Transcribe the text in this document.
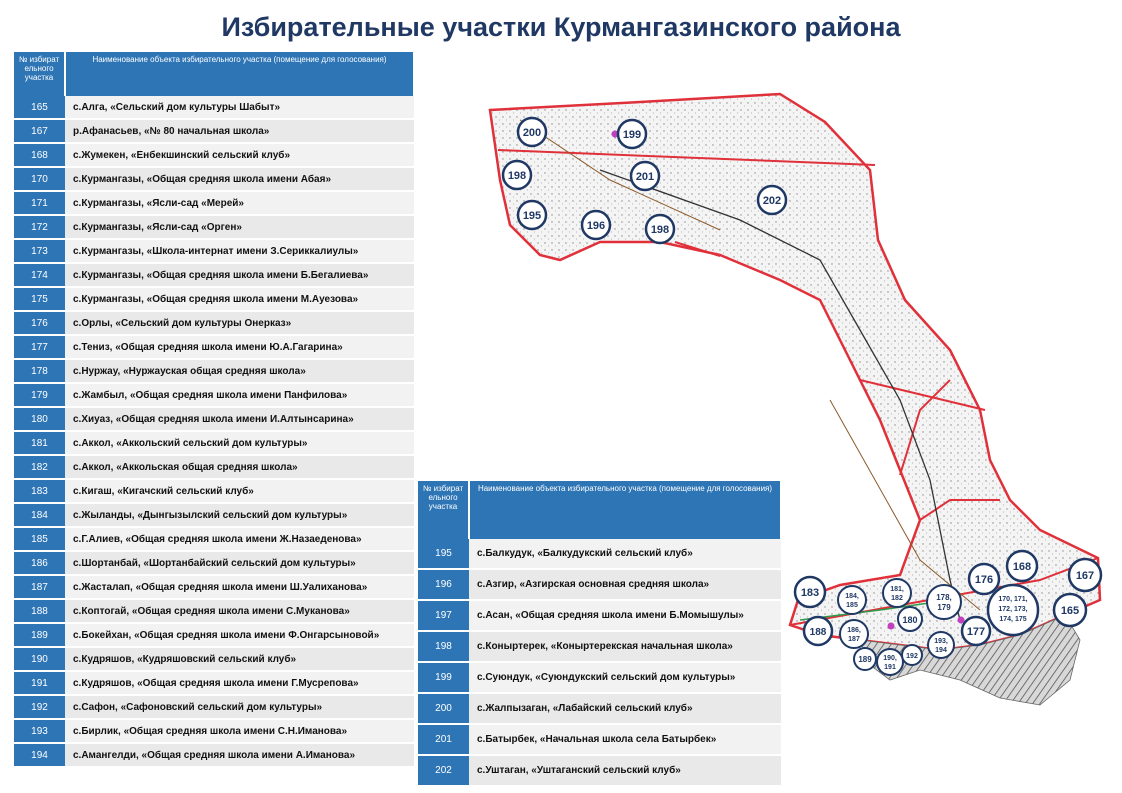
Избирательные участки Курмангазинского района
№ избират ельного участка	Наименование объекта избирательного участка (помещение для голосования)
165	с.Алга, «Сельский дом культуры Шабыт»
167	р.Афанасьев, «№ 80 начальная школа»
168	с.Жумекен, «Енбекшинский сельский клуб»
170	с.Курмангазы, «Общая средняя школа имени Абая»
171	с.Курмангазы, «Ясли-сад «Мерей»
172	с.Курмангазы, «Ясли-сад «Орген»
173	с.Курмангазы, «Школа-интернат имени З.Сериккалиулы»
174	с.Курмангазы, «Общая средняя школа имени Б.Бегалиева»
175	с.Курмангазы, «Общая средняя школа имени М.Ауезова»
176	с.Орлы, «Сельский дом культуры Онерказ»
177	с.Тениз, «Общая средняя школа имени Ю.А.Гагарина»
178	с.Нуржау, «Нуржауская общая средняя школа»
179	с.Жамбыл, «Общая средняя школа имени Панфилова»
180	с.Хиуаз, «Общая средняя школа имени И.Алтынсарина»
181	с.Аккол, «Аккольский сельский дом культуры»
182	с.Аккол, «Аккольская общая средняя школа»
183	с.Кигаш, «Кигачский сельский клуб»
184	с.Жыланды, «Дынгызылский сельский дом культуры»
185	с.Г.Алиев, «Общая средняя школа имени Ж.Назаеденова»
186	с.Шортанбай, «Шортанбайский сельский дом культуры»
187	с.Жасталап, «Общая средняя школа имени Ш.Уалиханова»
188	с.Коптогай, «Общая средняя школа имени С.Муканова»
189	с.Бокейхан, «Общая средняя школа имени Ф.Онгарсыновой»
190	с.Кудряшов, «Кудряшовский сельский клуб»
191	с.Кудряшов, «Общая средняя школа имени Г.Мусрепова»
192	с.Сафон, «Сафоновский сельский дом культуры»
193	с.Бирлик, «Общая средняя школа имени С.Н.Иманова»
194	с.Амангелди, «Общая средняя школа имени А.Иманова»
№ избират ельного участка	Наименование объекта избирательного участка (помещение для голосования)
195	с.Балкудук, «Балкудукский сельский клуб»
196	с.Азгир, «Азгирская основная средняя школа»
197	с.Асан, «Общая средняя школа имени Б.Момышулы»
198	с.Коныртерек, «Коныртерекская начальная школа»
199	с.Суюндук, «Суюндукский сельский дом культуры»
200	с.Жалпызаган, «Лабайский сельский клуб»
201	с.Батырбек, «Начальная школа села Батырбек»
202	с.Уштаган, «Уштаганский сельский клуб»
200	199
198	201
202
195
196	198
183	184,
185
186,
187
188
189 190,
191
192
181,
182
180
178,
179
193,
194
177
176
168
170, 171,
172, 173,
174, 175
167
165
